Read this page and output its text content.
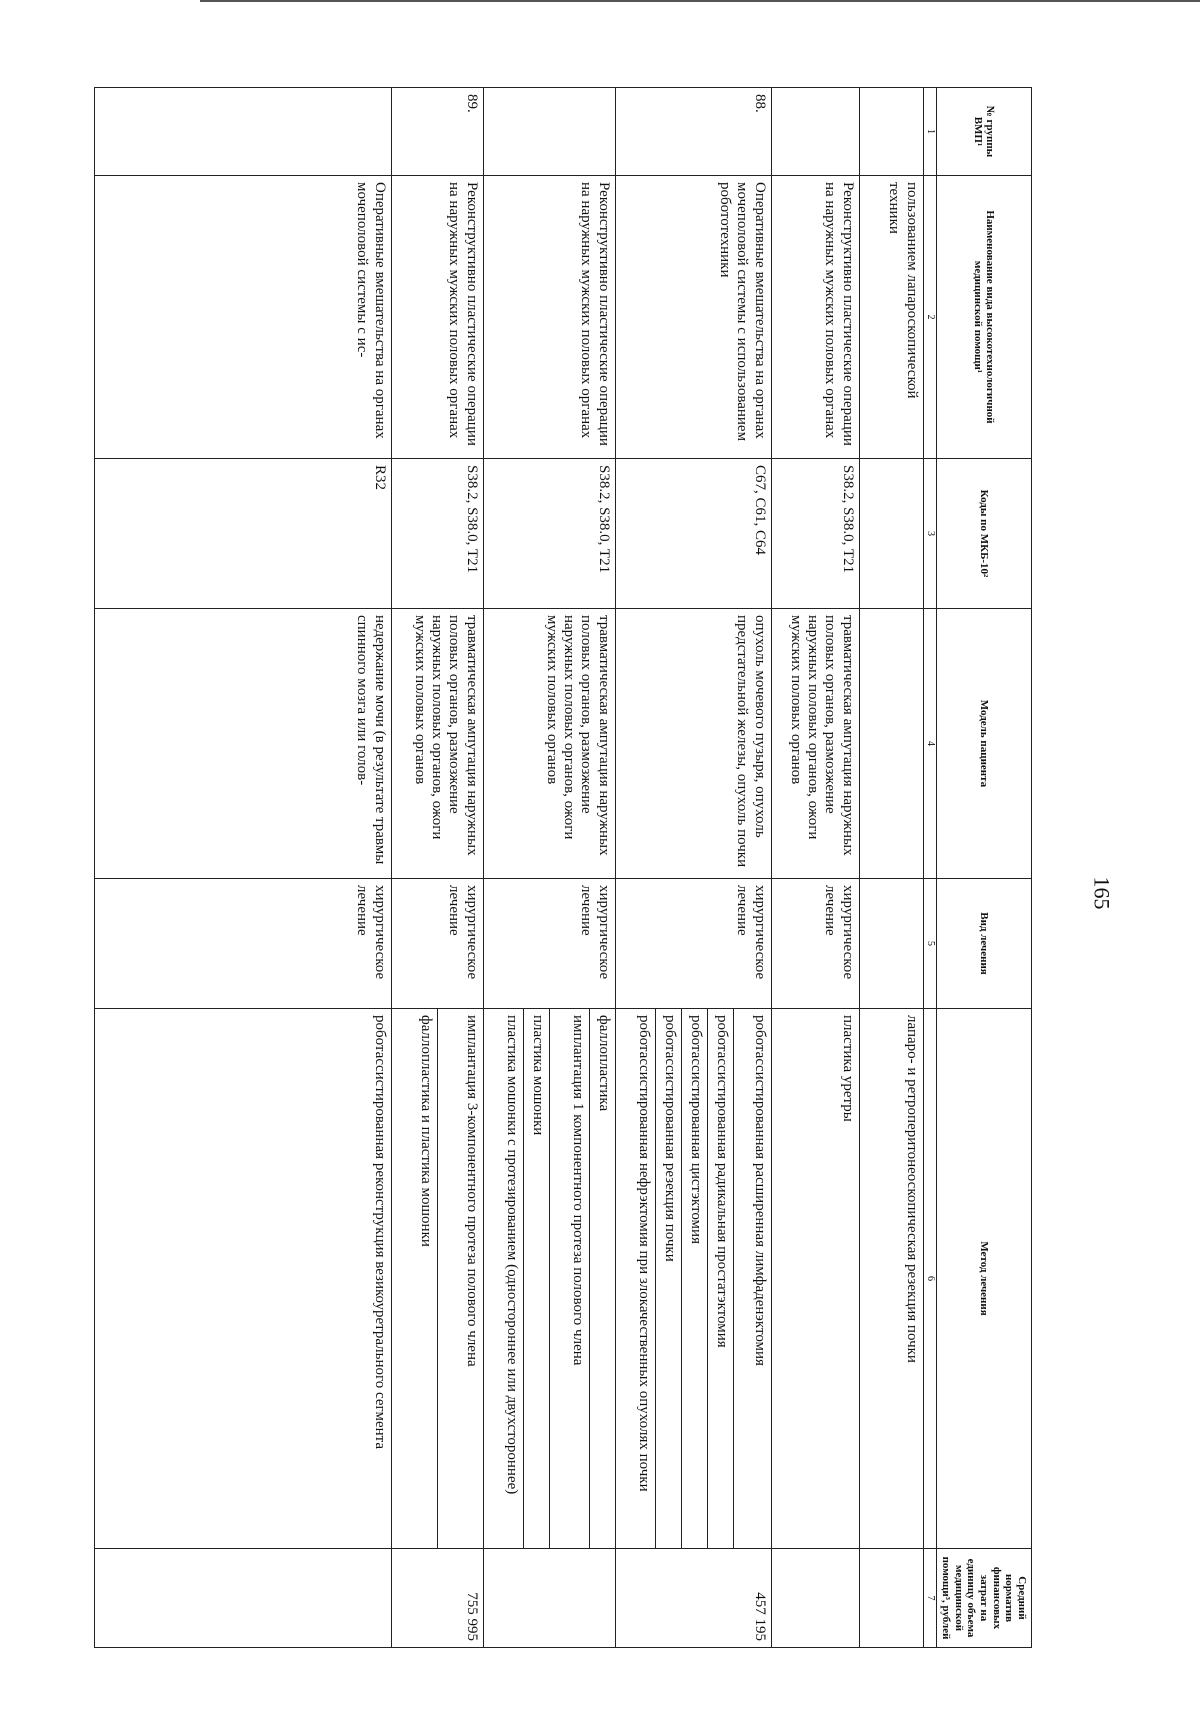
165
№ группы ВМП¹	Наименование вида высокотехнологичной медицинской помощи¹	Коды по МКБ-10²	Модель пациента	Вид лечения	Метод лечения	Средний норматив финансовых затрат на единицу объема медицинской помощи³, рублей
1	2	3	4	5	6	7
	пользованием лапароскопической техники				лапаро- и ретроперитонеоскопическая резекция почки	
	Реконструктивно пластические операции на наружных мужских половых органах	S38.2, S38.0, T21	травматическая ампутация наружных половых органов, размозжение наружных половых органов, ожоги мужских половых органов	хирургическое лечение	пластика уретры	
88.	Оперативные вмешательства на органах мочеполовой системы с использованием робототехники	C67, C61, C64	опухоль мочевого пузыря, опухоль предстательной железы, опухоль почки	хирургическое лечение	роботассистированная расширенная лимфаденэктомия	457 195
					роботассистированная радикальная простатэктомия	
					роботассистированная цистэктомия	
					роботассистированная резекция почки	
					роботассистированная нефрэктомия при злокачественных опухолях почки	
	Реконструктивно пластические операции на наружных мужских половых органах	S38.2, S38.0, T21	травматическая ампутация наружных половых органов, размозжение наружных половых органов, ожоги мужских половых органов	хирургическое лечение	фаллопластика	
					имплантация 1 компонентного протеза полового члена	
					пластика мошонки	
					пластика мошонки с протезированием (одностороннее или двухстороннее)	
89.	Реконструктивно пластические операции на наружных мужских половых органах	S38.2, S38.0, T21	травматическая ампутация наружных половых органов, размозжение наружных половых органов, ожоги мужских половых органов	хирургическое лечение	имплантация 3-компонентного протеза полового члена	755 995
					фаллопластика и пластика мошонки	
	Оперативные вмешательства на органах мочеполовой системы с ис-	R32	недержание мочи (в результате травмы спинного мозга или голов-	хирургическое лечение	роботассистированная реконструкция везикоуретрального сегмента	
